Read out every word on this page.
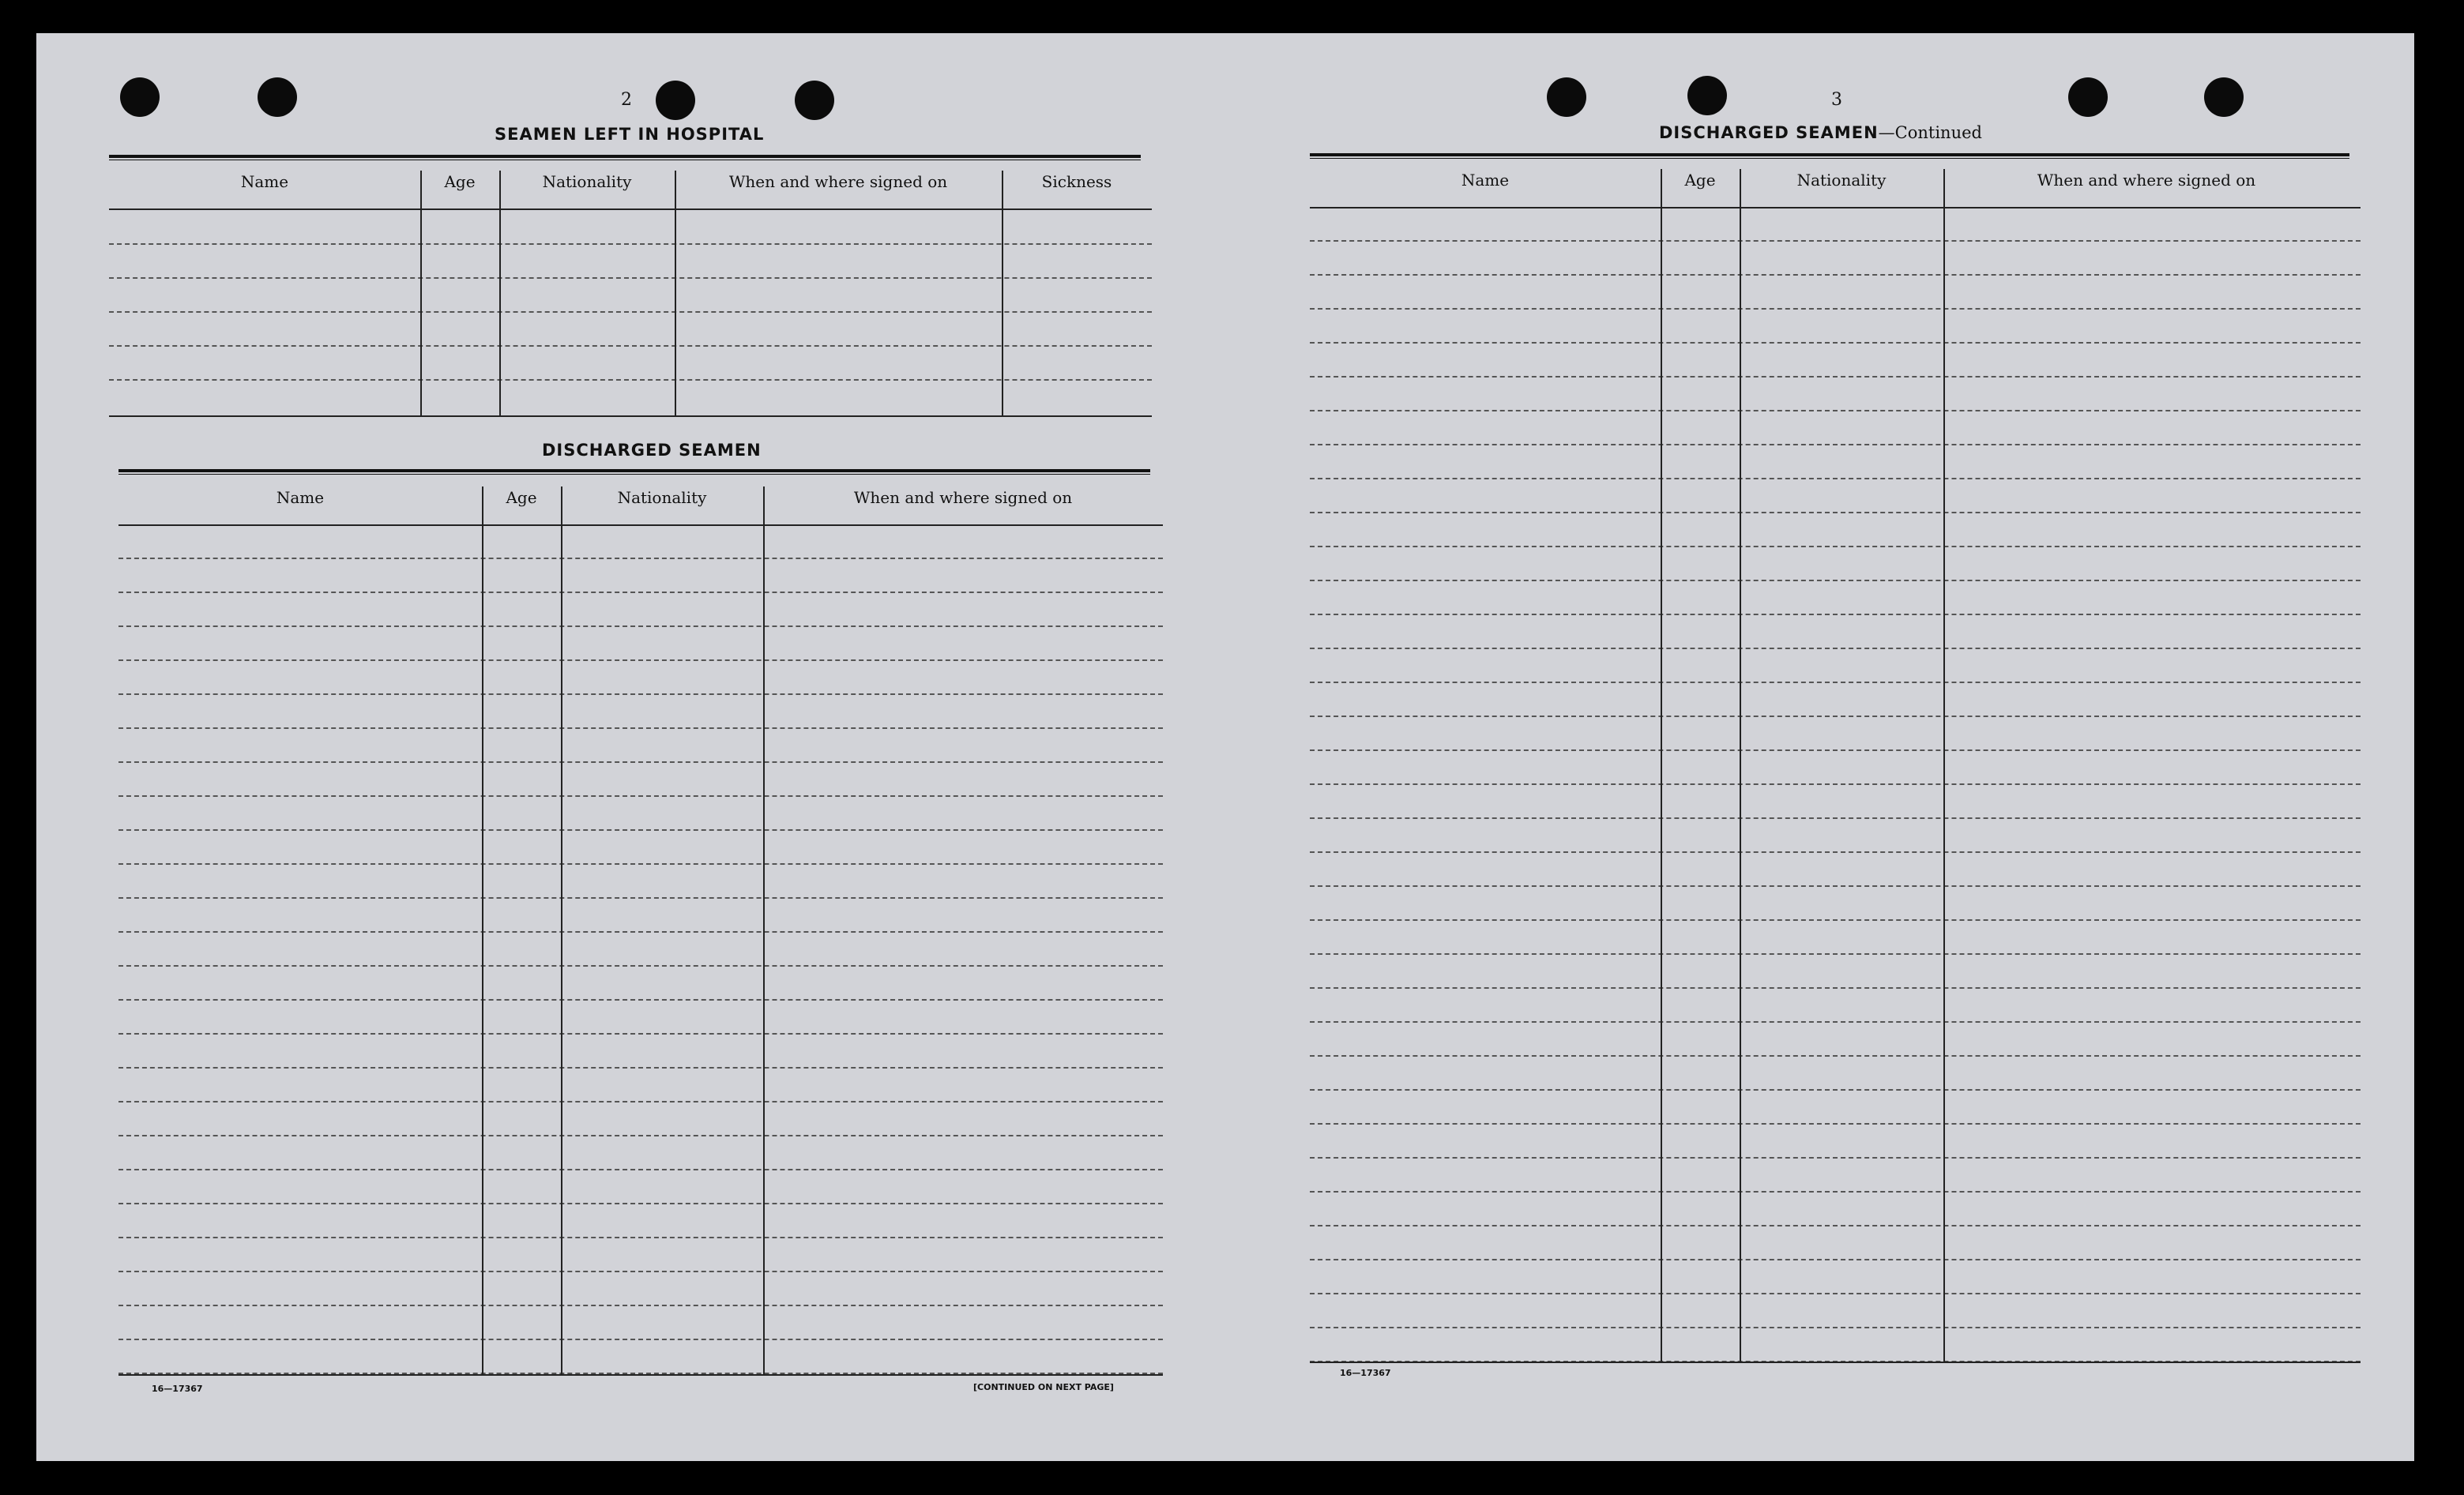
2
SEAMEN LEFT IN HOSPITAL
Name	Age	Nationality	When and where signed on	Sickness
DISCHARGED SEAMEN
Name	Age	Nationality	When and where signed on
16—17367	[CONTINUED ON NEXT PAGE]
3
DISCHARGED SEAMEN—Continued
Name	Age	Nationality	When and where signed on
16—17367
